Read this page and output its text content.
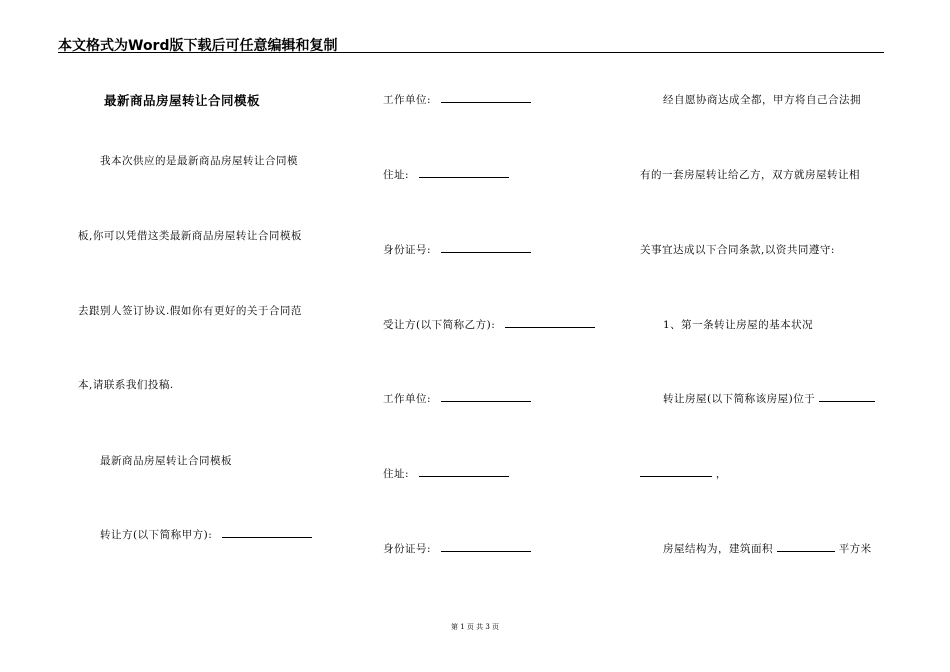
本文格式为Word版下载后可任意编辑和复制
最新商品房屋转让合同模板
我本次供应的是最新商品房屋转让合同模
板,你可以凭借这类最新商品房屋转让合同模板
去跟别人签订协议.假如你有更好的关于合同范
本,请联系我们投稿.
最新商品房屋转让合同模板
转让方(以下简称甲方):
工作单位:
住址:
身份证号:
受让方(以下简称乙方):
工作单位:
住址:
身份证号:
经自愿协商达成全都，甲方将自己合法拥
有的一套房屋转让给乙方，双方就房屋转让相
关事宜达成以下合同条款,以资共同遵守:
1、第一条转让房屋的基本状况
转让房屋(以下简称该房屋)位于
，
房屋结构为，建筑面积	平方米
第 1 页 共 3 页
